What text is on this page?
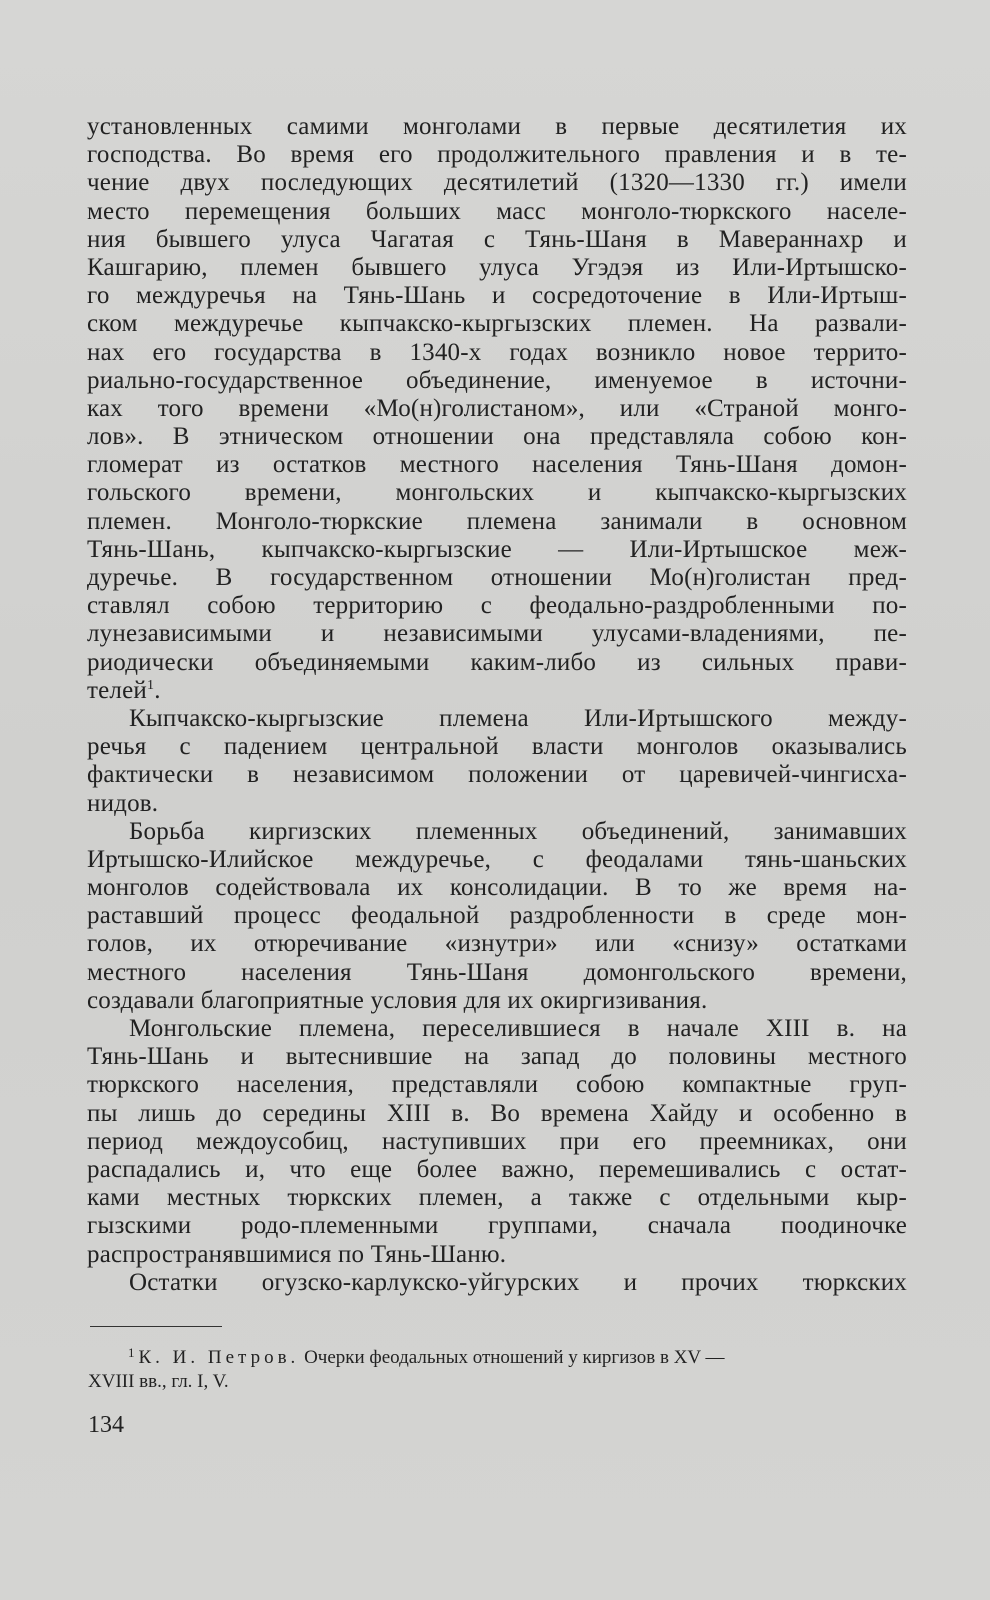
установленных самими монголами в первые десятилетия их
господства. Во время его продолжительного правления и в те-
чение двух последующих десятилетий (1320—1330 гг.) имели
место перемещения больших масс монголо-тюркского населе-
ния бывшего улуса Чагатая с Тянь-Шаня в Мавераннахр и
Кашгарию, племен бывшего улуса Угэдэя из Или-Иртышско-
го междуречья на Тянь-Шань и сосредоточение в Или-Иртыш-
ском междуречье кыпчакско-кыргызских племен. На развали-
нах его государства в 1340-х годах возникло новое террито-
риально-государственное объединение, именуемое в источни-
ках того времени «Мо(н)голистаном», или «Страной монго-
лов». В этническом отношении она представляла собою кон-
гломерат из остатков местного населения Тянь-Шаня домон-
гольского времени, монгольских и кыпчакско-кыргызских
племен. Монголо-тюркские племена занимали в основном
Тянь-Шань, кыпчакско-кыргызские — Или-Иртышское меж-
дуречье. В государственном отношении Мо(н)голистан пред-
ставлял собою территорию с феодально-раздробленными по-
лунезависимыми и независимыми улусами-владениями, пе-
риодически объединяемыми каким-либо из сильных прави-
телей$^1$.
Кыпчакско-кыргызские племена Или-Иртышского между-
речья с падением центральной власти монголов оказывались
фактически в независимом положении от царевичей-чингисха-
нидов.
Борьба киргизских племенных объединений, занимавших
Иртышско-Илийское междуречье, с феодалами тянь-шаньских
монголов содействовала их консолидации. В то же время на-
раставший процесс феодальной раздробленности в среде мон-
голов, их отюречивание «изнутри» или «снизу» остатками
местного населения Тянь-Шаня домонгольского времени,
создавали благоприятные условия для их окиргизивания.
Монгольские племена, переселившиеся в начале XIII в. на
Тянь-Шань и вытеснившие на запад до половины местного
тюркского населения, представляли собою компактные груп-
пы лишь до середины XIII в. Во времена Хайду и особенно в
период междоусобиц, наступивших при его преемниках, они
распадались и, что еще более важно, перемешивались с остат-
ками местных тюркских племен, а также с отдельными кыр-
гызскими родо-племенными группами, сначала поодиночке
распространявшимися по Тянь-Шаню.
Остатки огузско-карлукско-уйгурских и прочих тюркских
$^1$ К. И. Петров. Очерки феодальных отношений у киргизов в XV —
XVIII вв., гл. I, V.
134
